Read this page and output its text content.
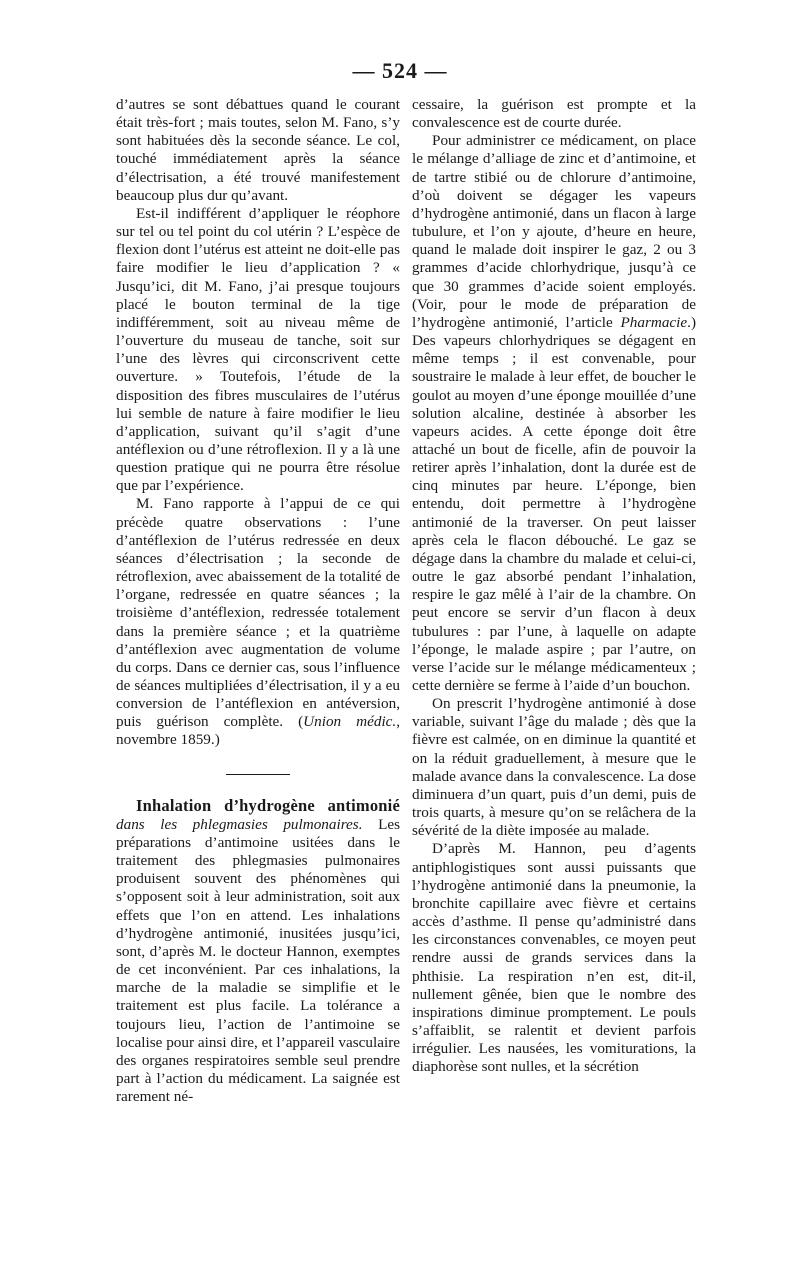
— 524 —

d’autres se sont débattues quand le courant était très-fort ; mais toutes, selon M. Fano, s’y sont habituées dès la seconde séance. Le col, touché immédiatement après la séance d’électrisation, a été trouvé manifestement beaucoup plus dur qu’avant.

Est-il indifférent d’appliquer le réophore sur tel ou tel point du col utérin ? L’espèce de flexion dont l’utérus est atteint ne doit-elle pas faire modifier le lieu d’application ? « Jusqu’ici, dit M. Fano, j’ai presque toujours placé le bouton terminal de la tige indifféremment, soit au niveau même de l’ouverture du museau de tanche, soit sur l’une des lèvres qui circonscrivent cette ouverture. » Toutefois, l’étude de la disposition des fibres musculaires de l’utérus lui semble de nature à faire modifier le lieu d’application, suivant qu’il s’agit d’une antéflexion ou d’une rétroflexion. Il y a là une question pratique qui ne pourra être résolue que par l’expérience.

M. Fano rapporte à l’appui de ce qui précède quatre observations : l’une d’antéflexion de l’utérus redressée en deux séances d’électrisation ; la seconde de rétroflexion, avec abaissement de la totalité de l’organe, redressée en quatre séances ; la troisième d’antéflexion, redressée totalement dans la première séance ; et la quatrième d’antéflexion avec augmentation de volume du corps. Dans ce dernier cas, sous l’influence de séances multipliées d’électrisation, il y a eu conversion de l’antéflexion en antéversion, puis guérison complète. (Union médic., novembre 1859.)

Inhalation d’hydrogène antimonié dans les phlegmasies pulmonaires. Les préparations d’antimoine usitées dans le traitement des phlegmasies pulmonaires produisent souvent des phénomènes qui s’opposent soit à leur administration, soit aux effets que l’on en attend. Les inhalations d’hydrogène antimonié, inusitées jusqu’ici, sont, d’après M. le docteur Hannon, exemptes de cet inconvénient. Par ces inhalations, la marche de la maladie se simplifie et le traitement est plus facile. La tolérance a toujours lieu, l’action de l’antimoine se localise pour ainsi dire, et l’appareil vasculaire des organes respiratoires semble seul prendre part à l’action du médicament. La saignée est rarement né-

cessaire, la guérison est prompte et la convalescence est de courte durée.

Pour administrer ce médicament, on place le mélange d’alliage de zinc et d’antimoine, et de tartre stibié ou de chlorure d’antimoine, d’où doivent se dégager les vapeurs d’hydrogène antimonié, dans un flacon à large tubulure, et l’on y ajoute, d’heure en heure, quand le malade doit inspirer le gaz, 2 ou 3 grammes d’acide chlorhydrique, jusqu’à ce que 30 grammes d’acide soient employés. (Voir, pour le mode de préparation de l’hydrogène antimonié, l’article Pharmacie.) Des vapeurs chlorhydriques se dégagent en même temps ; il est convenable, pour soustraire le malade à leur effet, de boucher le goulot au moyen d’une éponge mouillée d’une solution alcaline, destinée à absorber les vapeurs acides. A cette éponge doit être attaché un bout de ficelle, afin de pouvoir la retirer après l’inhalation, dont la durée est de cinq minutes par heure. L’éponge, bien entendu, doit permettre à l’hydrogène antimonié de la traverser. On peut laisser après cela le flacon débouché. Le gaz se dégage dans la chambre du malade et celui-ci, outre le gaz absorbé pendant l’inhalation, respire le gaz mêlé à l’air de la chambre. On peut encore se servir d’un flacon à deux tubulures : par l’une, à laquelle on adapte l’éponge, le malade aspire ; par l’autre, on verse l’acide sur le mélange médicamenteux ; cette dernière se ferme à l’aide d’un bouchon.

On prescrit l’hydrogène antimonié à dose variable, suivant l’âge du malade ; dès que la fièvre est calmée, on en diminue la quantité et on la réduit graduellement, à mesure que le malade avance dans la convalescence. La dose diminuera d’un quart, puis d’un demi, puis de trois quarts, à mesure qu’on se relâchera de la sévérité de la diète imposée au malade.

D’après M. Hannon, peu d’agents antiphlogistiques sont aussi puissants que l’hydrogène antimonié dans la pneumonie, la bronchite capillaire avec fièvre et certains accès d’asthme. Il pense qu’administré dans les circonstances convenables, ce moyen peut rendre aussi de grands services dans la phthisie. La respiration n’en est, dit-il, nullement gênée, bien que le nombre des inspirations diminue promptement. Le pouls s’affaiblit, se ralentit et devient parfois irrégulier. Les nausées, les vomiturations, la diaphorèse sont nulles, et la sécrétion
